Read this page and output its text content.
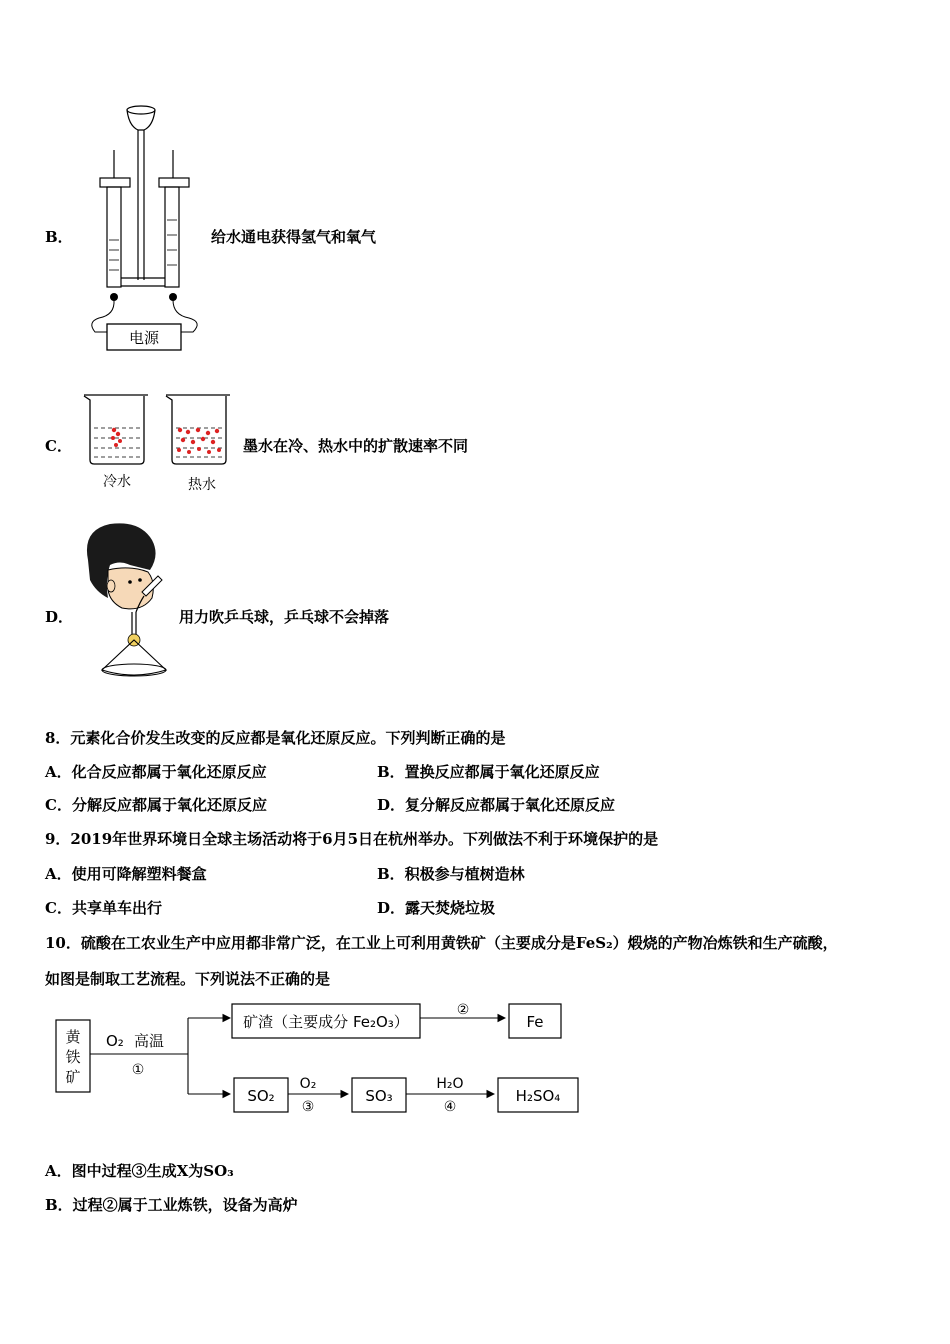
B．
电源
给水通电获得氢气和氧气
C．
冷水	热水
墨水在冷、热水中的扩散速率不同
D．	用力吹乒乓球，乒乓球不会掉落
8．元素化合价发生改变的反应都是氧化还原反应。下列判断正确的是
A．化合反应都属于氧化还原反应	B．置换反应都属于氧化还原反应
C．分解反应都属于氧化还原反应	D．复分解反应都属于氧化还原反应
9．2019年世界环境日全球主场活动将于6月5日在杭州举办。下列做法不利于环境保护的是
A．使用可降解塑料餐盒	B．积极参与植树造林
C．共享单车出行	D．露天焚烧垃圾
10．硫酸在工农业生产中应用都非常广泛，在工业上可利用黄铁矿（主要成分是FeS₂）煅烧的产物冶炼铁和生产硫酸，
如图是制取工艺流程。下列说法不正确的是
黄
铁
矿
O₂ 高温
①
矿渣（主要成分 Fe₂O₃）
②
Fe
SO₂
O₂
③
SO₃
H₂O
④
H₂SO₄
A．图中过程③生成X为SO₃
B．过程②属于工业炼铁，设备为高炉
